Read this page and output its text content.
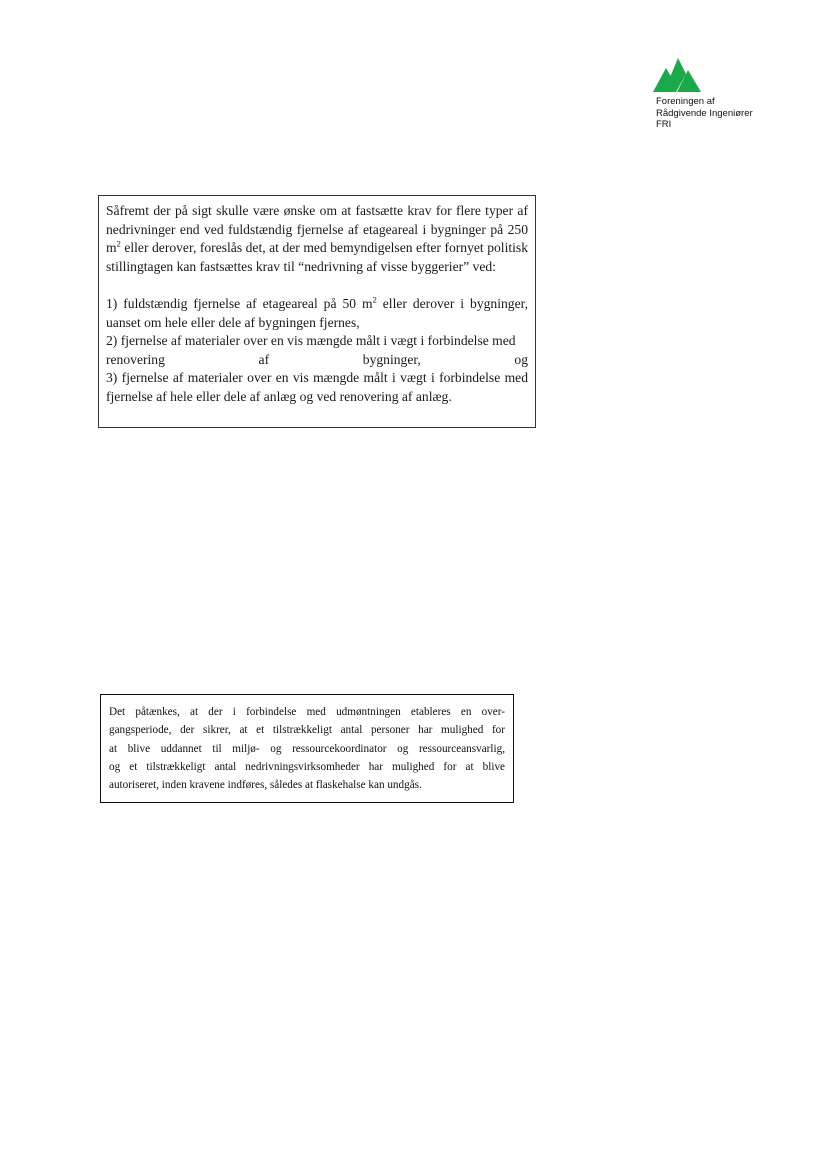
Foreningen af
Rådgivende Ingeniører
FRI

Såfremt der på sigt skulle være ønske om at fastsætte krav for flere typer af nedrivninger end ved fuldstændig fjernelse af etageareal i bygninger på 250 $m^2$ eller derover, foreslås det, at der med bemyndigelsen efter fornyet politisk stillingtagen kan fastsættes krav til “nedrivning af visse byggerier” ved:

1) fuldstændig fjernelse af etageareal på 50 $m^2$ eller derover i bygninger, uanset om hele eller dele af bygningen fjernes,

2) fjernelse af materialer over en vis mængde målt i vægt i forbindelse med

renovering	af	bygninger,	og

3) fjernelse af materialer over en vis mængde målt i vægt i forbindelse med fjernelse af hele eller dele af anlæg og ved renovering af anlæg.

Det påtænkes, at der i forbindelse med udmøntningen etableres en over-
gangsperiode, der sikrer, at et tilstrækkeligt antal personer har mulighed for
at blive uddannet til miljø- og ressourcekoordinator og ressourceansvarlig,
og et tilstrækkeligt antal nedrivningsvirksomheder har mulighed for at blive
autoriseret, inden kravene indføres, således at flaskehalse kan undgås.
